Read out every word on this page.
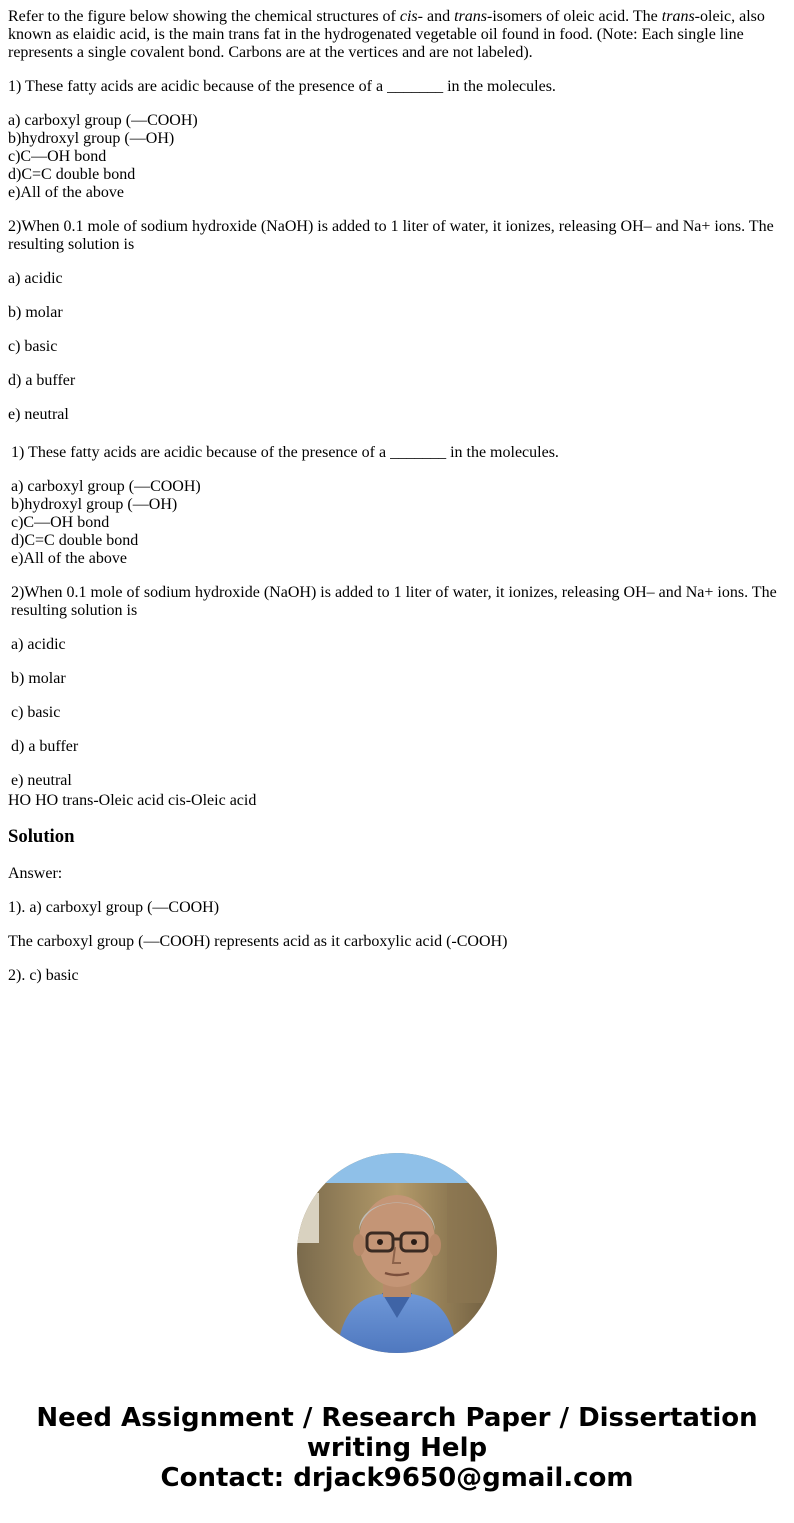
Refer to the figure below showing the chemical structures of cis- and trans-isomers of oleic acid. The trans-oleic, also known as elaidic acid, is the main trans fat in the hydrogenated vegetable oil found in food. (Note: Each single line represents a single covalent bond. Carbons are at the vertices and are not labeled).

1) These fatty acids are acidic because of the presence of a _______ in the molecules.

a) carboxyl group (—COOH)
b)hydroxyl group (—OH)
c)C—OH bond
d)C=C double bond
e)All of the above

2)When 0.1 mole of sodium hydroxide (NaOH) is added to 1 liter of water, it ionizes, releasing OH– and Na+ ions. The resulting solution is

a) acidic

b) molar

c) basic

d) a buffer

e) neutral

1) These fatty acids are acidic because of the presence of a _______ in the molecules.

a) carboxyl group (—COOH)
b)hydroxyl group (—OH)
c)C—OH bond
d)C=C double bond
e)All of the above

2)When 0.1 mole of sodium hydroxide (NaOH) is added to 1 liter of water, it ionizes, releasing OH– and Na+ ions. The resulting solution is

a) acidic

b) molar

c) basic

d) a buffer

e) neutral

HO HO trans-Oleic acid cis-Oleic acid
Solution

Answer:

1). a) carboxyl group (—COOH)

The carboxyl group (—COOH) represents acid as it carboxylic acid (-COOH)

2). c) basic

Need Assignment / Research Paper / Dissertation
writing Help
Contact: drjack9650@gmail.com
